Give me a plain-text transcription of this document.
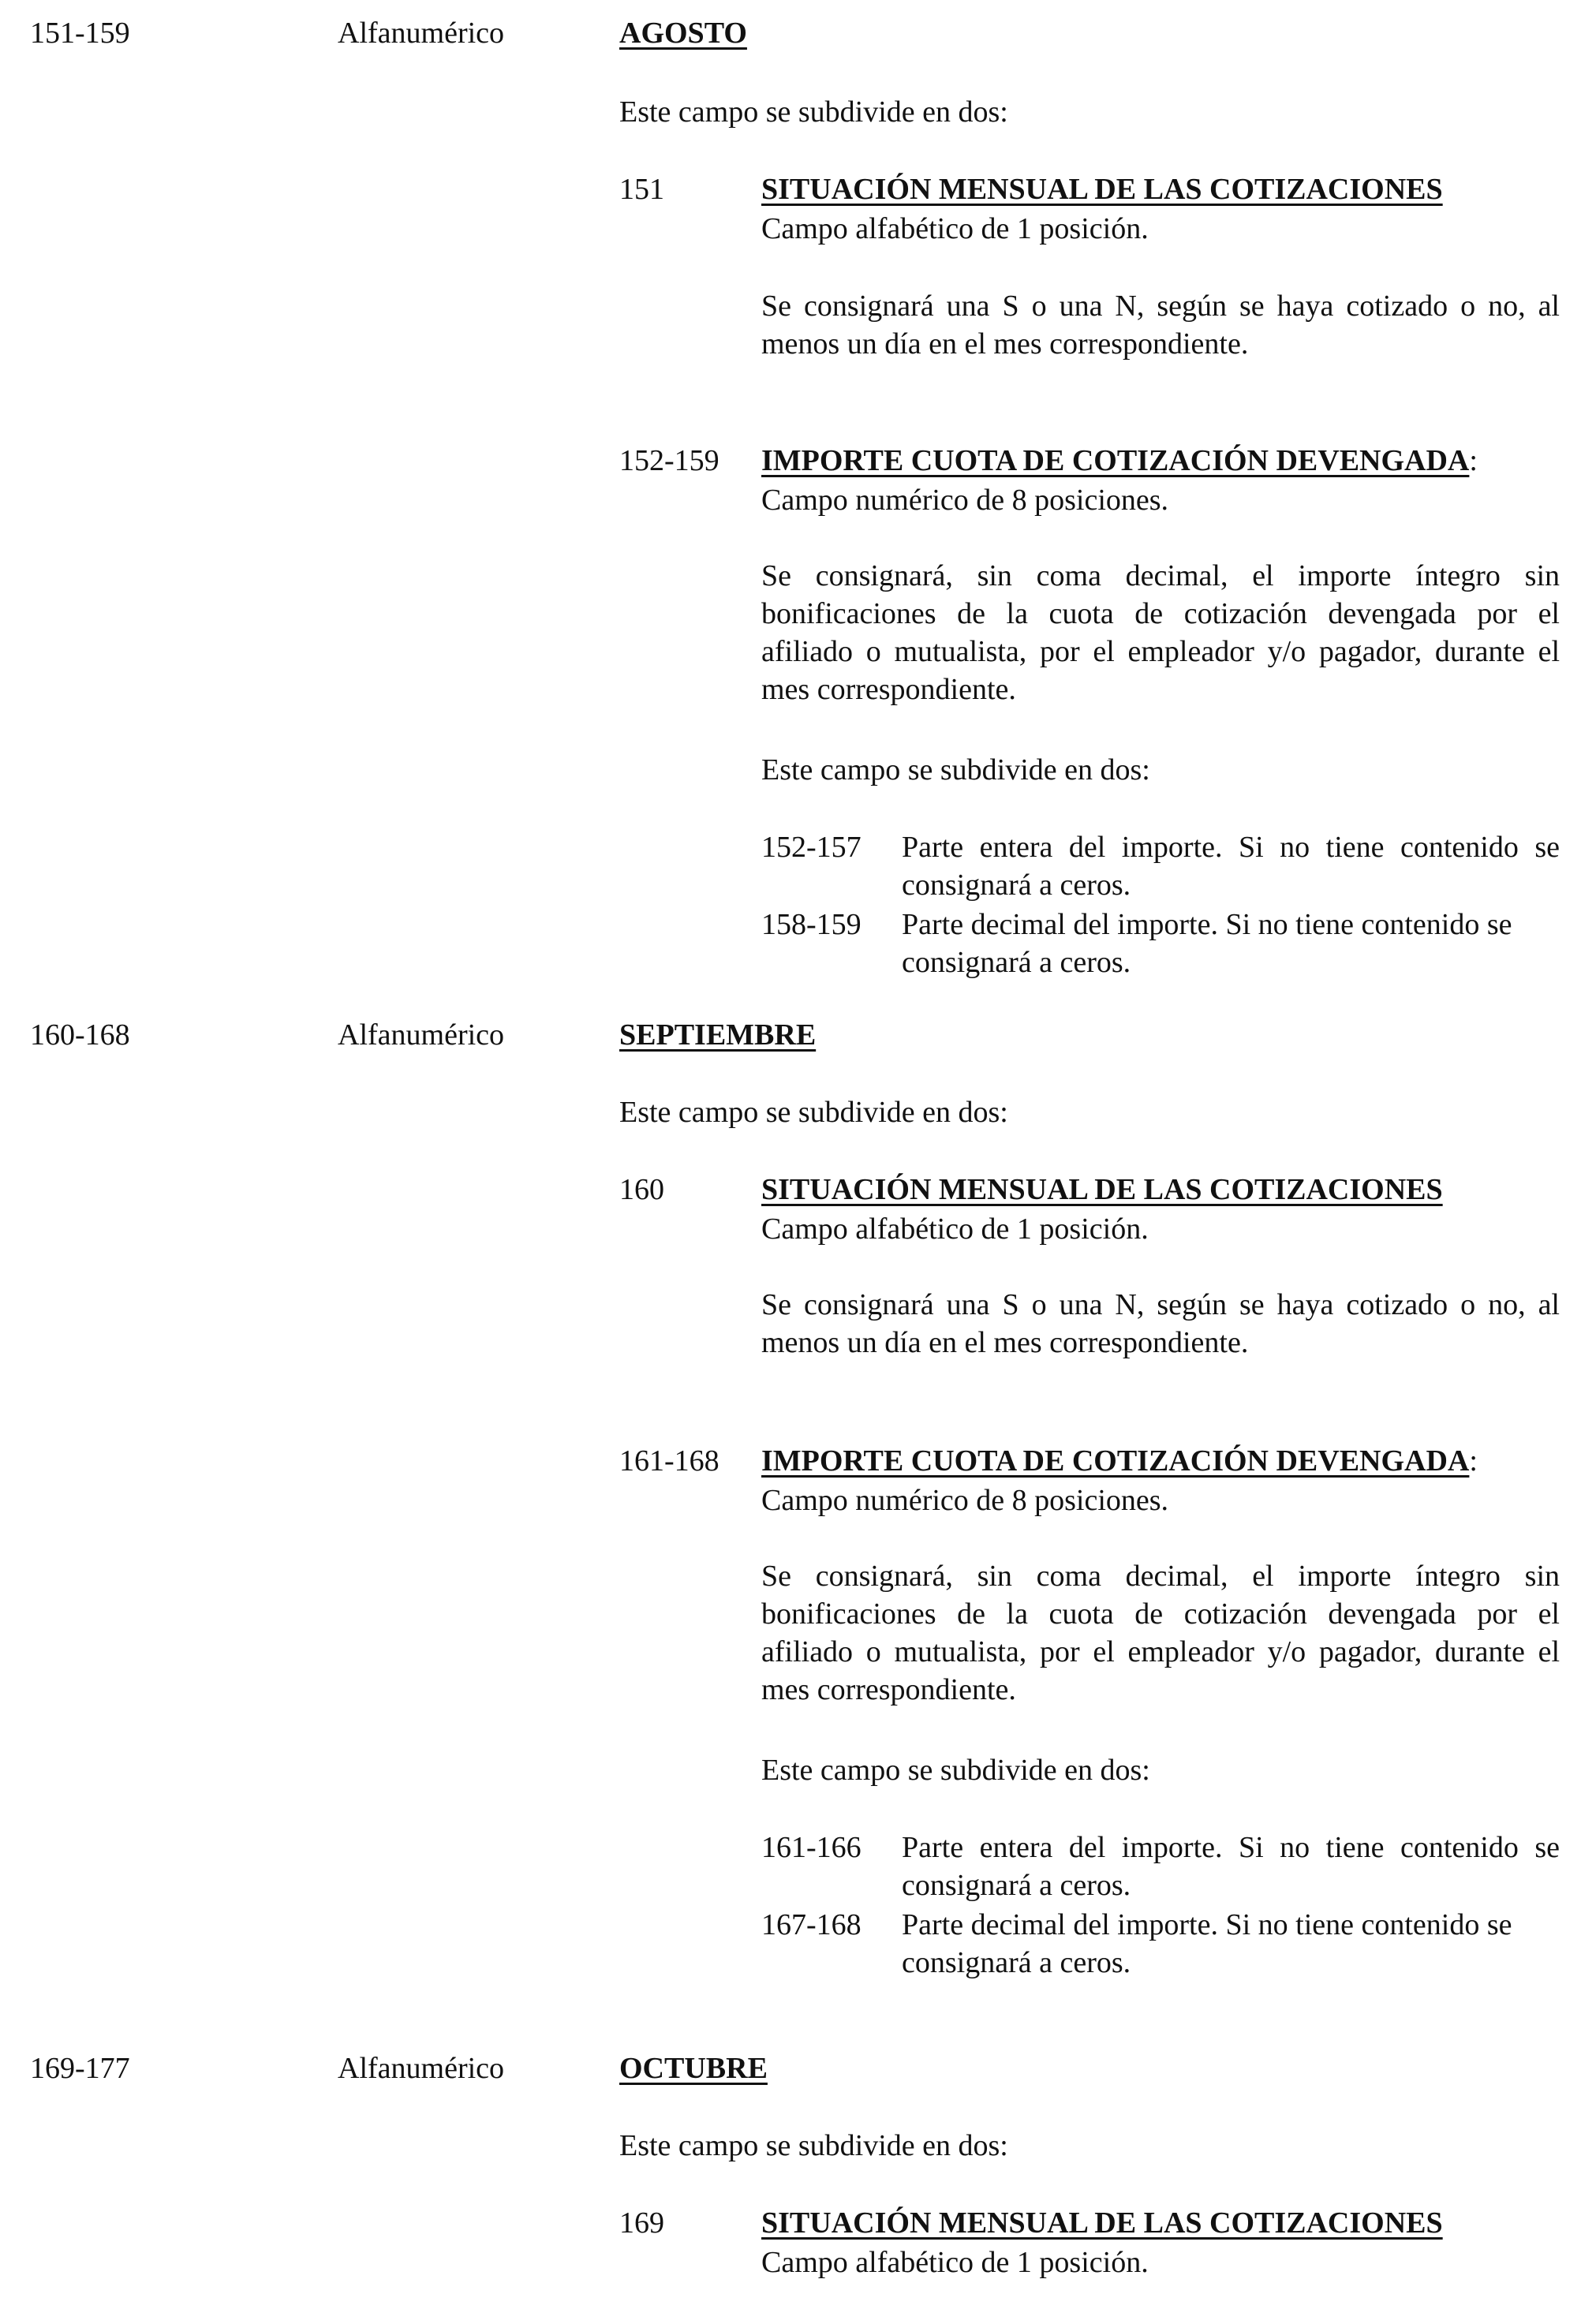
151-159	Alfanumérico	AGOSTO
Este campo se subdivide en dos:
151	SITUACIÓN MENSUAL DE LAS COTIZACIONES
Campo alfabético de 1 posición.
Se consignará una S o una N, según se haya cotizado o no, al
menos un día en el mes correspondiente.
152-159 IMPORTE CUOTA DE COTIZACIÓN DEVENGADA:
Campo numérico de 8 posiciones.
Se consignará, sin coma decimal, el importe íntegro sin
bonificaciones de la cuota de cotización devengada por el
afiliado o mutualista, por el empleador y/o pagador, durante el
mes correspondiente.
Este campo se subdivide en dos:
152-157 Parte entera del importe. Si no tiene contenido se
consignará a ceros.
158-159 Parte decimal del importe. Si no tiene contenido se
consignará a ceros.
160-168	Alfanumérico	SEPTIEMBRE
Este campo se subdivide en dos:
160	SITUACIÓN MENSUAL DE LAS COTIZACIONES
Campo alfabético de 1 posición.
Se consignará una S o una N, según se haya cotizado o no, al
menos un día en el mes correspondiente.
161-168 IMPORTE CUOTA DE COTIZACIÓN DEVENGADA:
Campo numérico de 8 posiciones.
Se consignará, sin coma decimal, el importe íntegro sin
bonificaciones de la cuota de cotización devengada por el
afiliado o mutualista, por el empleador y/o pagador, durante el
mes correspondiente.
Este campo se subdivide en dos:
161-166 Parte entera del importe. Si no tiene contenido se
consignará a ceros.
167-168 Parte decimal del importe. Si no tiene contenido se
consignará a ceros.
169-177	Alfanumérico	OCTUBRE
Este campo se subdivide en dos:
169	SITUACIÓN MENSUAL DE LAS COTIZACIONES
Campo alfabético de 1 posición.
